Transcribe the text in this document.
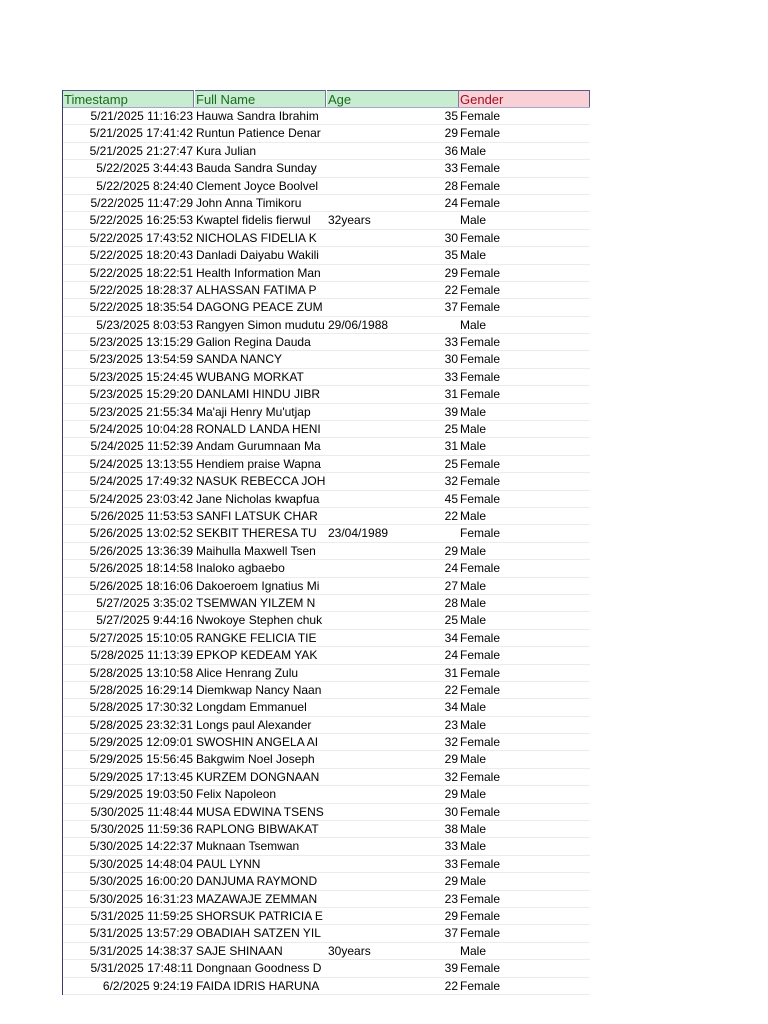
Timestamp	Full Name	Age	Gender
5/21/2025 11:16:23 Hauwa Sandra Ibrahim	35 Female
5/21/2025 17:41:42 Runtun Patience Denar	29 Female
5/21/2025 21:27:47 Kura Julian	36 Male
5/22/2025 3:44:43 Bauda Sandra Sunday	33 Female
5/22/2025 8:24:40 Clement Joyce Boolvel	28 Female
5/22/2025 11:47:29 John Anna Timikoru	24 Female
5/22/2025 16:25:53 Kwaptel fidelis fierwul	32years	Male
5/22/2025 17:43:52 NICHOLAS FIDELIA K	30 Female
5/22/2025 18:20:43 Danladi Daiyabu Wakili	35 Male
5/22/2025 18:22:51 Health Information Man	29 Female
5/22/2025 18:28:37 ALHASSAN FATIMA P	22 Female
5/22/2025 18:35:54 DAGONG PEACE ZUM	37 Female
5/23/2025 8:03:53 Rangyen Simon mudutu 29/06/1988	Male
5/23/2025 13:15:29 Galion Regina Dauda	33 Female
5/23/2025 13:54:59 SANDA NANCY	30 Female
5/23/2025 15:24:45 WUBANG MORKAT	33 Female
5/23/2025 15:29:20 DANLAMI HINDU JIBR	31 Female
5/23/2025 21:55:34 Ma'aji Henry Mu'utjap	39 Male
5/24/2025 10:04:28 RONALD LANDA HENI	25 Male
5/24/2025 11:52:39 Andam Gurumnaan Ma	31 Male
5/24/2025 13:13:55 Hendiem praise Wapna	25 Female
5/24/2025 17:49:32 NASUK REBECCA JOH	32 Female
5/24/2025 23:03:42 Jane Nicholas kwapfua	45 Female
5/26/2025 11:53:53 SANFI LATSUK CHAR	22 Male
5/26/2025 13:02:52 SEKBIT THERESA TU 23/04/1989	Female
5/26/2025 13:36:39 Maihulla Maxwell Tsen	29 Male
5/26/2025 18:14:58 Inaloko agbaebo	24 Female
5/26/2025 18:16:06 Dakoeroem Ignatius Mi	27 Male
5/27/2025 3:35:02 TSEMWAN YILZEM N	28 Male
5/27/2025 9:44:16 Nwokoye Stephen chuk	25 Male
5/27/2025 15:10:05 RANGKE FELICIA TIE	34 Female
5/28/2025 11:13:39 EPKOP KEDEAM YAK	24 Female
5/28/2025 13:10:58 Alice Henrang Zulu	31 Female
5/28/2025 16:29:14 Diemkwap Nancy Naan	22 Female
5/28/2025 17:30:32 Longdam Emmanuel	34 Male
5/28/2025 23:32:31 Longs paul Alexander	23 Male
5/29/2025 12:09:01 SWOSHIN ANGELA AI	32 Female
5/29/2025 15:56:45 Bakgwim Noel Joseph	29 Male
5/29/2025 17:13:45 KURZEM DONGNAAN	32 Female
5/29/2025 19:03:50 Felix Napoleon	29 Male
5/30/2025 11:48:44 MUSA EDWINA TSENS	30 Female
5/30/2025 11:59:36 RAPLONG BIBWAKAT	38 Male
5/30/2025 14:22:37 Muknaan Tsemwan	33 Male
5/30/2025 14:48:04 PAUL LYNN	33 Female
5/30/2025 16:00:20 DANJUMA RAYMOND	29 Male
5/30/2025 16:31:23 MAZAWAJE ZEMMAN	23 Female
5/31/2025 11:59:25 SHORSUK PATRICIA E	29 Female
5/31/2025 13:57:29 OBADIAH SATZEN YIL	37 Female
5/31/2025 14:38:37 SAJE SHINAAN	30years	Male
5/31/2025 17:48:11 Dongnaan Goodness D	39 Female
6/2/2025 9:24:19 FAIDA IDRIS HARUNA	22 Female
